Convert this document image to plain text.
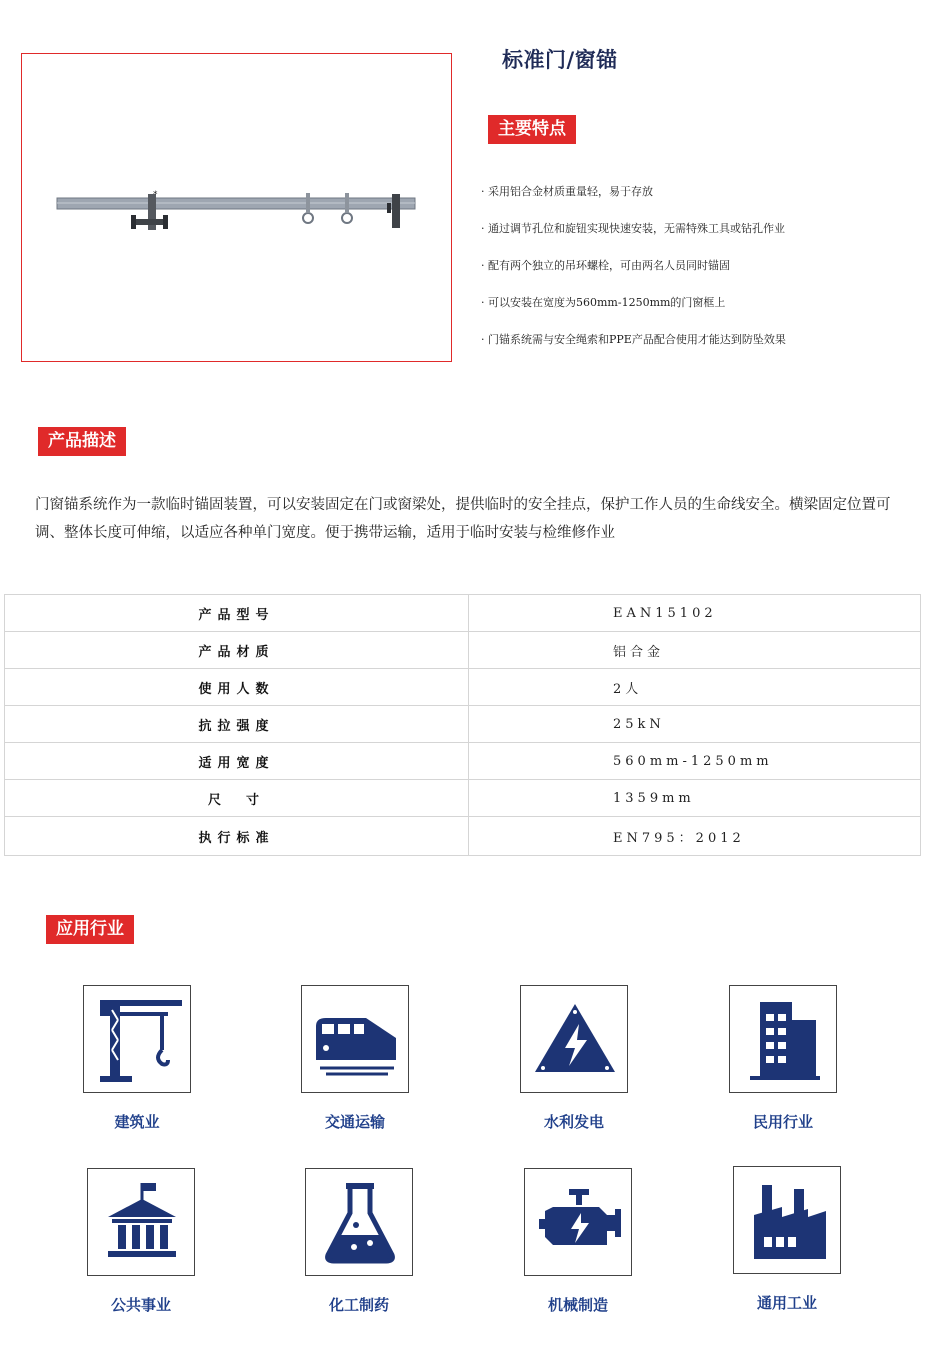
*
标准门/窗锚
主要特点
· 采用铝合金材质重量轻，易于存放
· 通过调节孔位和旋钮实现快速安装，无需特殊工具或钻孔作业
· 配有两个独立的吊环螺栓，可由两名人员同时锚固
· 可以安装在宽度为560mm-1250mm的门窗框上
· 门锚系统需与安全绳索和PPE产品配合使用才能达到防坠效果
产品描述
门窗锚系统作为一款临时锚固装置，可以安装固定在门或窗梁处，提供临时的安全挂点，保护工作人员的生命线安全。横梁固定位置可调、整体长度可伸缩，以适应各种单门宽度。便于携带运输，适用于临时安装与检维修作业
产品型号	EAN15102
产品材质	铝合金
使用人数	2人
抗拉强度	25kN
适用宽度	560mm-1250mm
尺　寸	1359mm
执行标准	EN795：2012
应用行业
建筑业	交通运输	水利发电	民用行业
公共事业	化工制药	机械制造	通用工业
